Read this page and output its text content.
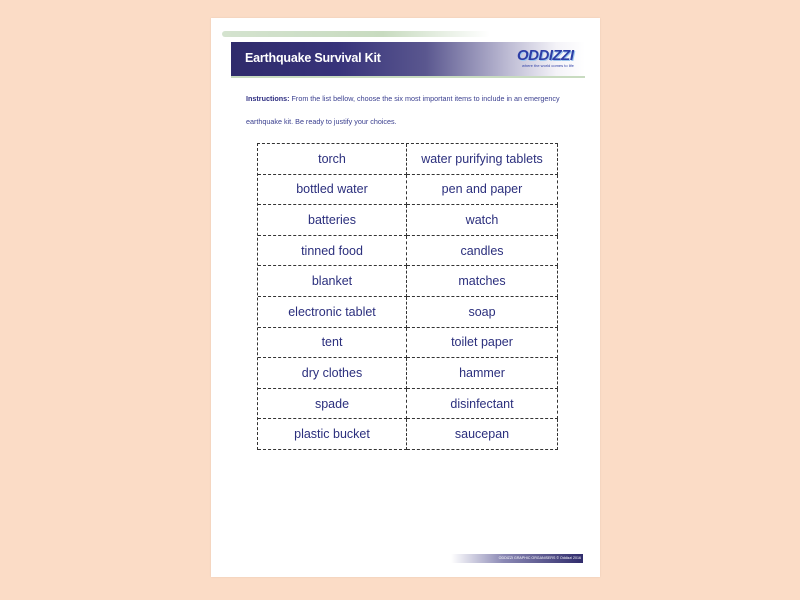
Earthquake Survival Kit	ODDIZZI
where the world comes to life
Instructions: From the list bellow, choose the six most important items to include in an emergency earthquake kit. Be ready to justify your choices.
torch	water purifying tablets
bottled water	pen and paper
batteries	watch
tinned food	candles
blanket	matches
electronic tablet	soap
tent	toilet paper
dry clothes	hammer
spade	disinfectant
plastic bucket	saucepan
ODDIZZI GRAPHIC ORGANISERS © Oddizzi 2016
